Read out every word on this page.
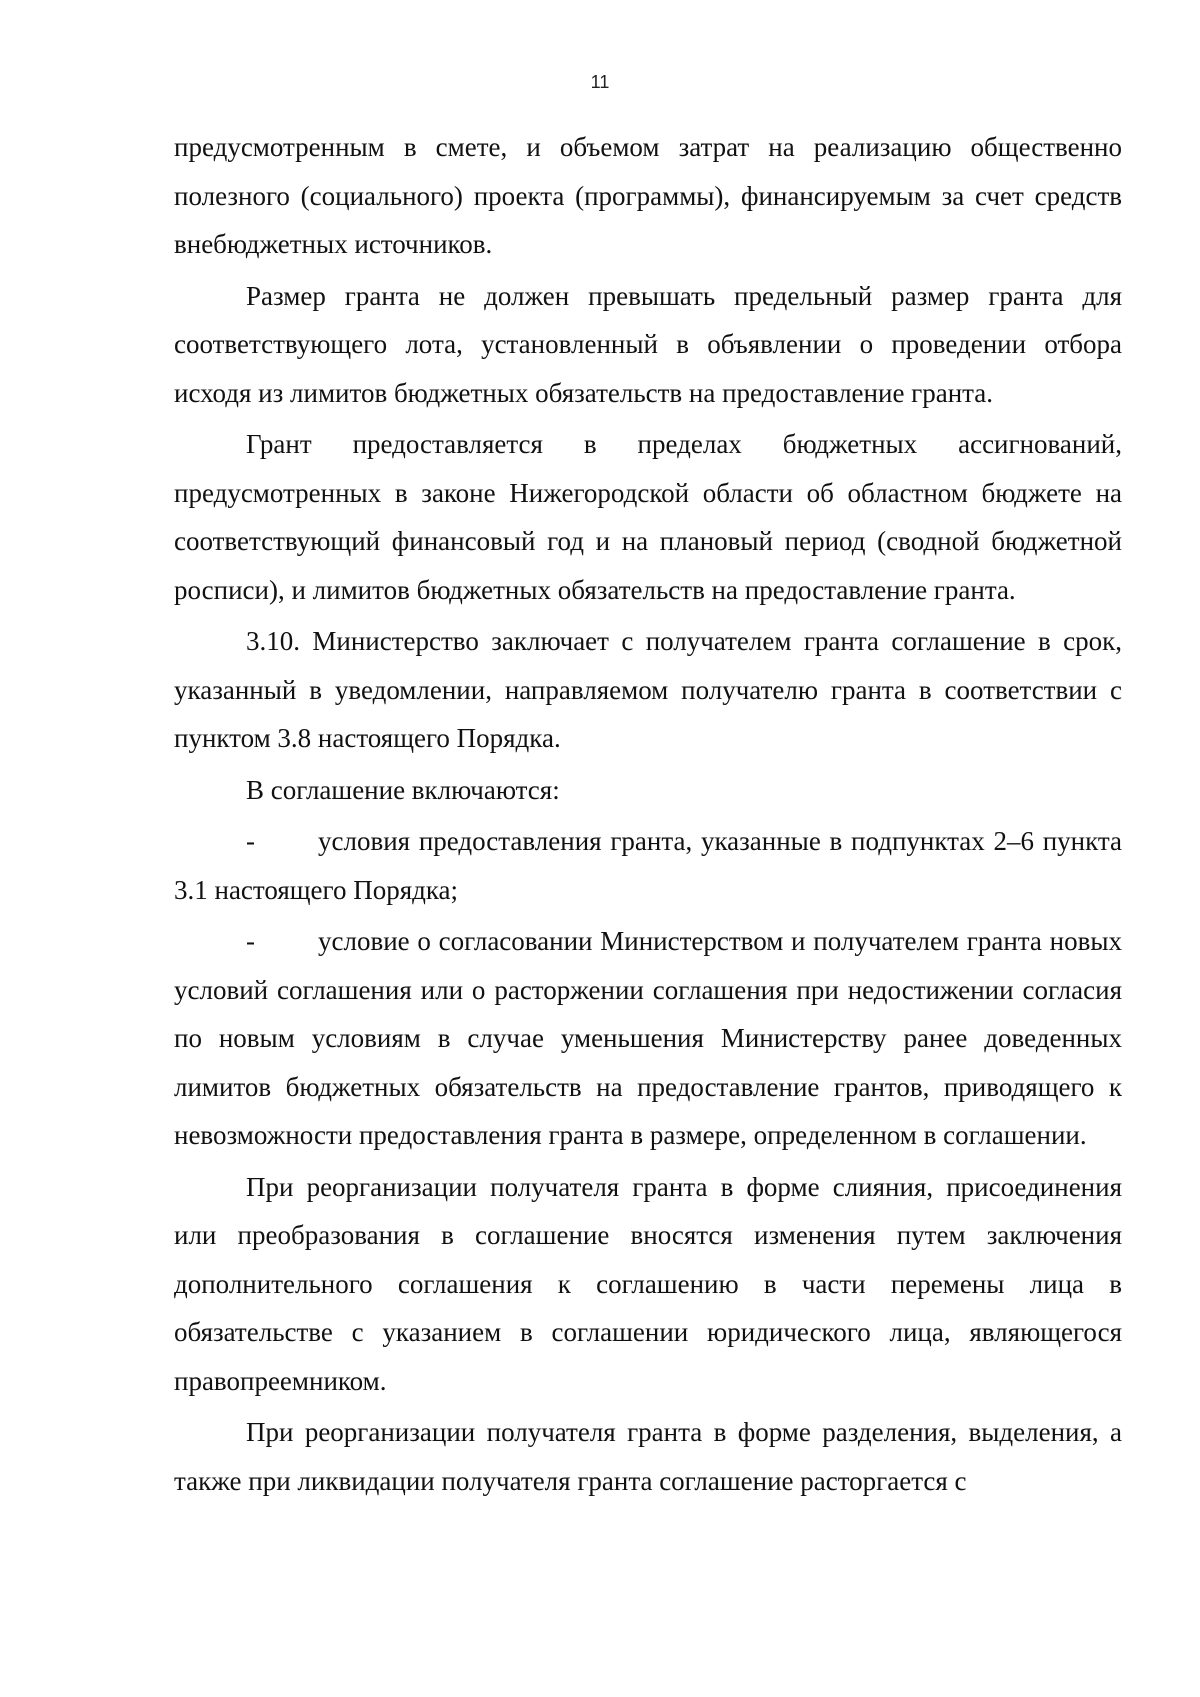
11

предусмотренным в смете, и объемом затрат на реализацию общественно полезного (социального) проекта (программы), финансируемым за счет средств внебюджетных источников.

Размер гранта не должен превышать предельный размер гранта для соответствующего лота, установленный в объявлении о проведении отбора исходя из лимитов бюджетных обязательств на предоставление гранта.

Грант предоставляется в пределах бюджетных ассигнований, предусмотренных в законе Нижегородской области об областном бюджете на соответствующий финансовый год и на плановый период (сводной бюджетной росписи), и лимитов бюджетных обязательств на предоставление гранта.

3.10. Министерство заключает с получателем гранта соглашение в срок, указанный в уведомлении, направляемом получателю гранта в соответствии с пунктом 3.8 настоящего Порядка.

В соглашение включаются:

- условия предоставления гранта, указанные в подпунктах 2–6 пункта 3.1 настоящего Порядка;

- условие о согласовании Министерством и получателем гранта новых условий соглашения или о расторжении соглашения при недостижении согласия по новым условиям в случае уменьшения Министерству ранее доведенных лимитов бюджетных обязательств на предоставление грантов, приводящего к невозможности предоставления гранта в размере, определенном в соглашении.

При реорганизации получателя гранта в форме слияния, присоединения или преобразования в соглашение вносятся изменения путем заключения дополнительного соглашения к соглашению в части перемены лица в обязательстве с указанием в соглашении юридического лица, являющегося правопреемником.

При реорганизации получателя гранта в форме разделения, выделения, а также при ликвидации получателя гранта соглашение расторгается с
